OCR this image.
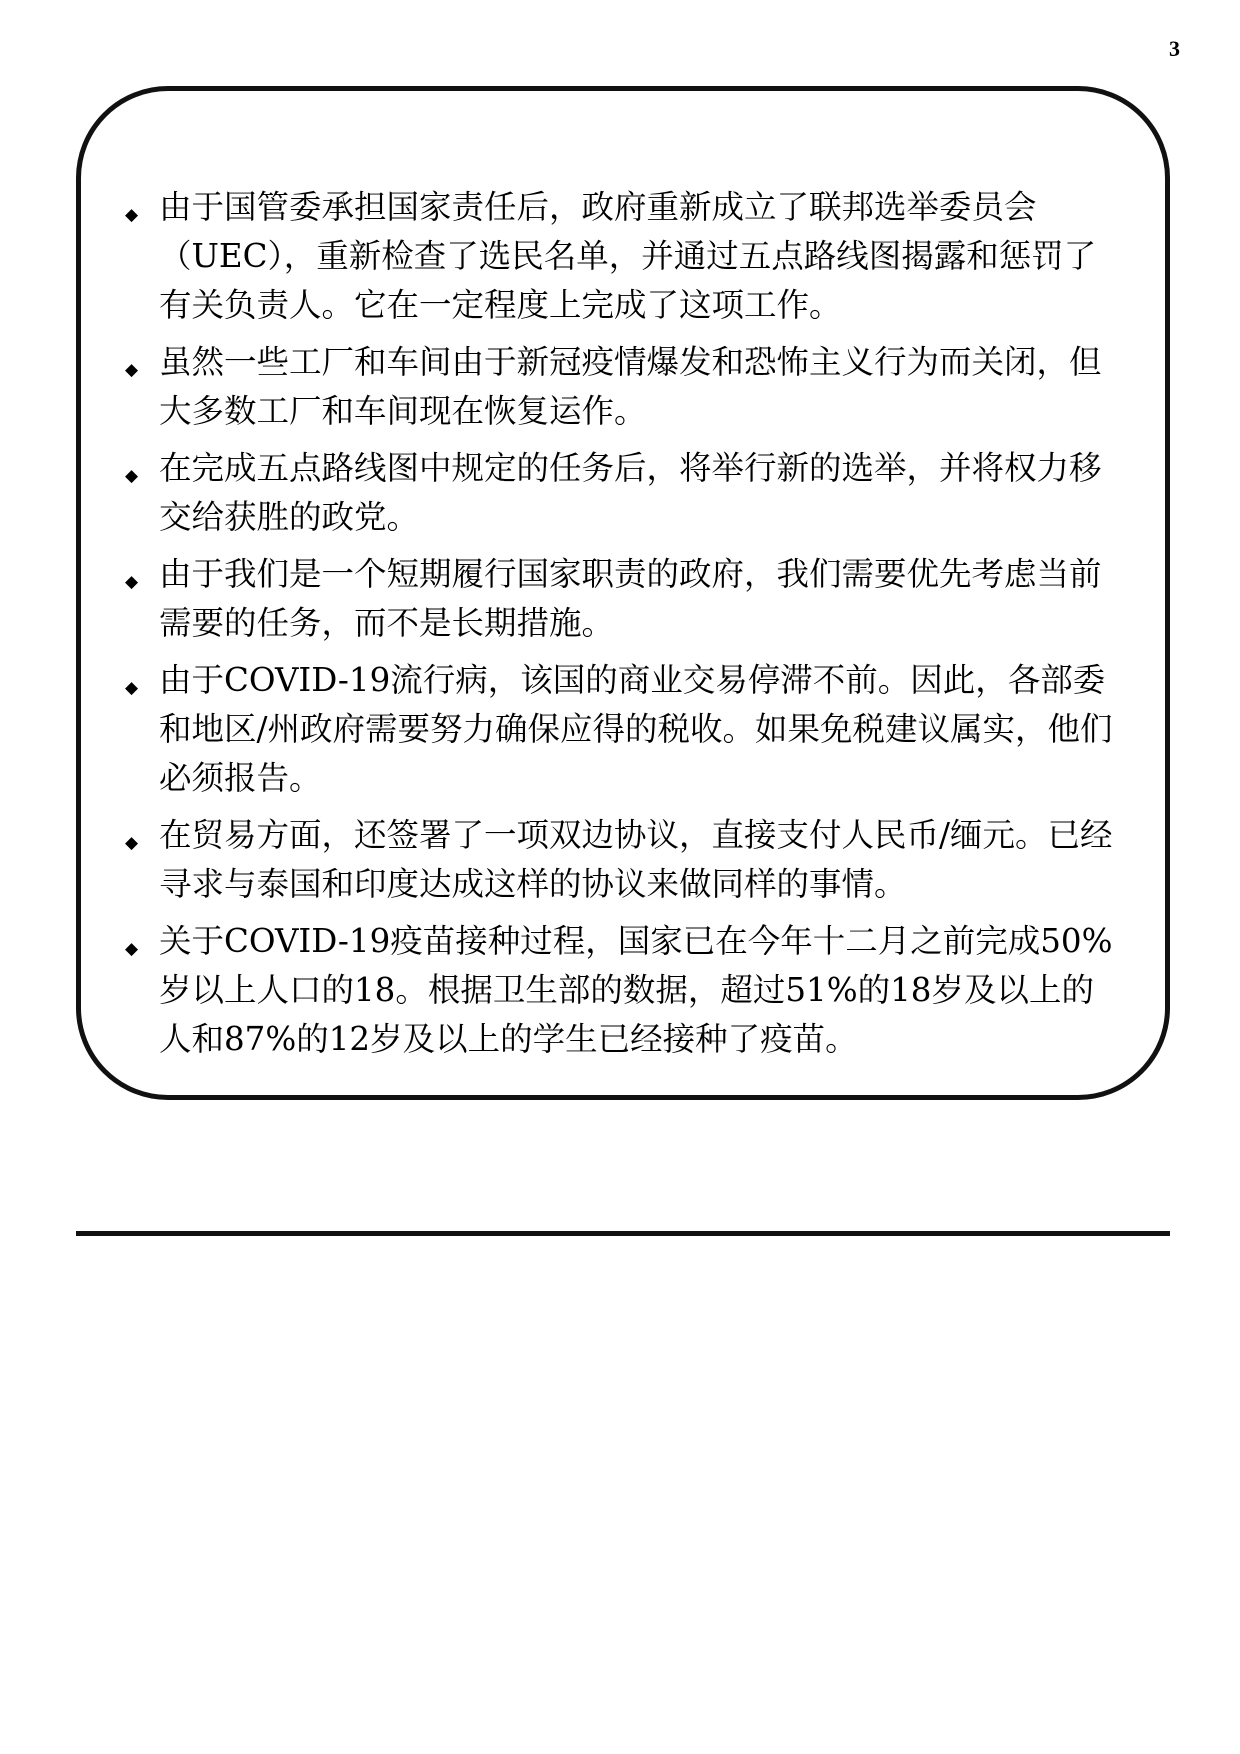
3
◆ 由于国管委承担国家责任后，政府重新成立了联邦选举委员会（UEC），重新检查了选民名单，并通过五点路线图揭露和惩罚了有关负责人。它在一定程度上完成了这项工作。
◆ 虽然一些工厂和车间由于新冠疫情爆发和恐怖主义行为而关闭，但大多数工厂和车间现在恢复运作。
◆ 在完成五点路线图中规定的任务后，将举行新的选举，并将权力移交给获胜的政党。
◆ 由于我们是一个短期履行国家职责的政府，我们需要优先考虑当前需要的任务，而不是长期措施。
◆ 由于COVID-19流行病，该国的商业交易停滞不前。因此，各部委和地区/州政府需要努力确保应得的税收。如果免税建议属实，他们必须报告。
◆ 在贸易方面，还签署了一项双边协议，直接支付人民币/缅元。已经寻求与泰国和印度达成这样的协议来做同样的事情。
◆ 关于COVID-19疫苗接种过程，国家已在今年十二月之前完成50%岁以上人口的18。根据卫生部的数据，超过51%的18岁及以上的人和87%的12岁及以上的学生已经接种了疫苗。
